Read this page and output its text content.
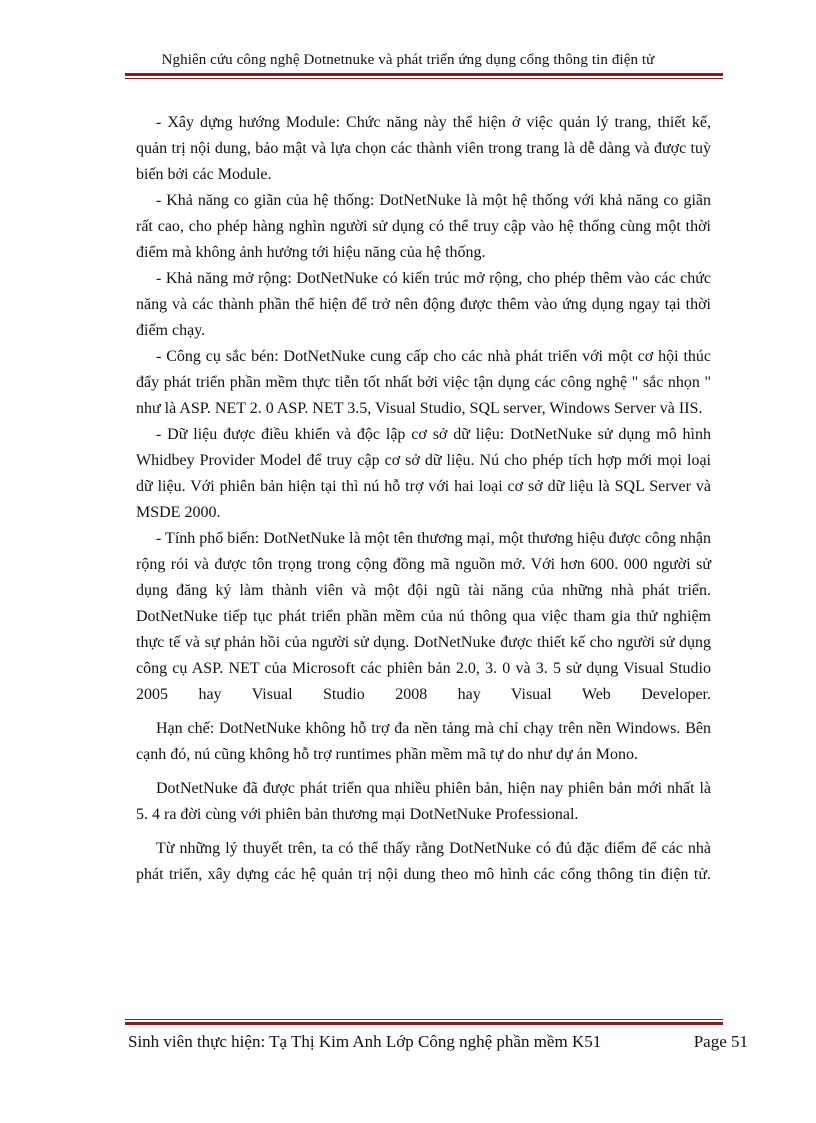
Nghiên cứu công nghệ Dotnetnuke và phát triển ứng dụng cổng thông tin điện tử

- Xây dựng hướng Module: Chức năng này thể hiện ở việc quản lý trang, thiết kế, quản trị nội dung, bảo mật và lựa chọn các thành viên trong trang là dễ dàng và được tuỳ biến bởi các Module.

- Khả năng co giãn của hệ thống: DotNetNuke là một hệ thống với khả năng co giãn rất cao, cho phép hàng nghìn người sử dụng có thể truy cập vào hệ thống cùng một thời điểm mà không ảnh hưởng tới hiệu năng của hệ thống.

- Khả năng mở rộng: DotNetNuke có kiến trúc mở rộng, cho phép thêm vào các chức năng và các thành phần thể hiện để trở nên động được thêm vào ứng dụng ngay tại thời điểm chạy.

- Công cụ sắc bén: DotNetNuke cung cấp cho các nhà phát triển với một cơ hội thúc đẩy phát triển phần mềm thực tiễn tốt nhất bởi việc tận dụng các công nghệ " sắc nhọn " như là ASP. NET 2. 0 ASP. NET 3.5, Visual Studio, SQL server, Windows Server và IIS.

- Dữ liệu được điều khiển và độc lập cơ sở dữ liệu: DotNetNuke sử dụng mô hình Whidbey Provider Model để truy cập cơ sở dữ liệu. Nú cho phép tích hợp mới mọi loại dữ liệu. Với phiên bản hiện tại thì nú hỗ trợ với hai loại cơ sở dữ liệu là SQL Server và MSDE 2000.

- Tính phổ biến: DotNetNuke là một tên thương mại, một thương hiệu được công nhận rộng rói và được tôn trọng trong cộng đồng mã nguồn mở. Với hơn 600. 000 người sử dụng đăng ký làm thành viên và một đội ngũ tài năng của những nhà phát triển. DotNetNuke tiếp tục phát triển phần mềm của nú thông qua việc tham gia thử nghiệm thực tế và sự phản hồi của người sử dụng. DotNetNuke được thiết kế cho người sử dụng công cụ ASP. NET của Microsoft các phiên bản 2.0, 3. 0 và 3. 5 sử dụng Visual Studio 2005 hay Visual Studio 2008 hay Visual Web Developer.

Hạn chế: DotNetNuke không hỗ trợ đa nền tảng mà chỉ chạy trên nền Windows. Bên cạnh đó, nú cũng không hỗ trợ runtimes phần mềm mã tự do như dự án Mono.

DotNetNuke đã được phát triển qua nhiều phiên bản, hiện nay phiên bản mới nhất là 5. 4 ra đời cùng với phiên bản thương mại DotNetNuke Professional.

Từ những lý thuyết trên, ta có thể thấy rằng DotNetNuke có đủ đặc điểm để các nhà phát triển, xây dựng các hệ quản trị nội dung theo mô hình các cổng thông tin điện tử.

Sinh viên thực hiện: Tạ Thị Kim Anh Lớp Công nghệ phần mềm K51	Page 51
